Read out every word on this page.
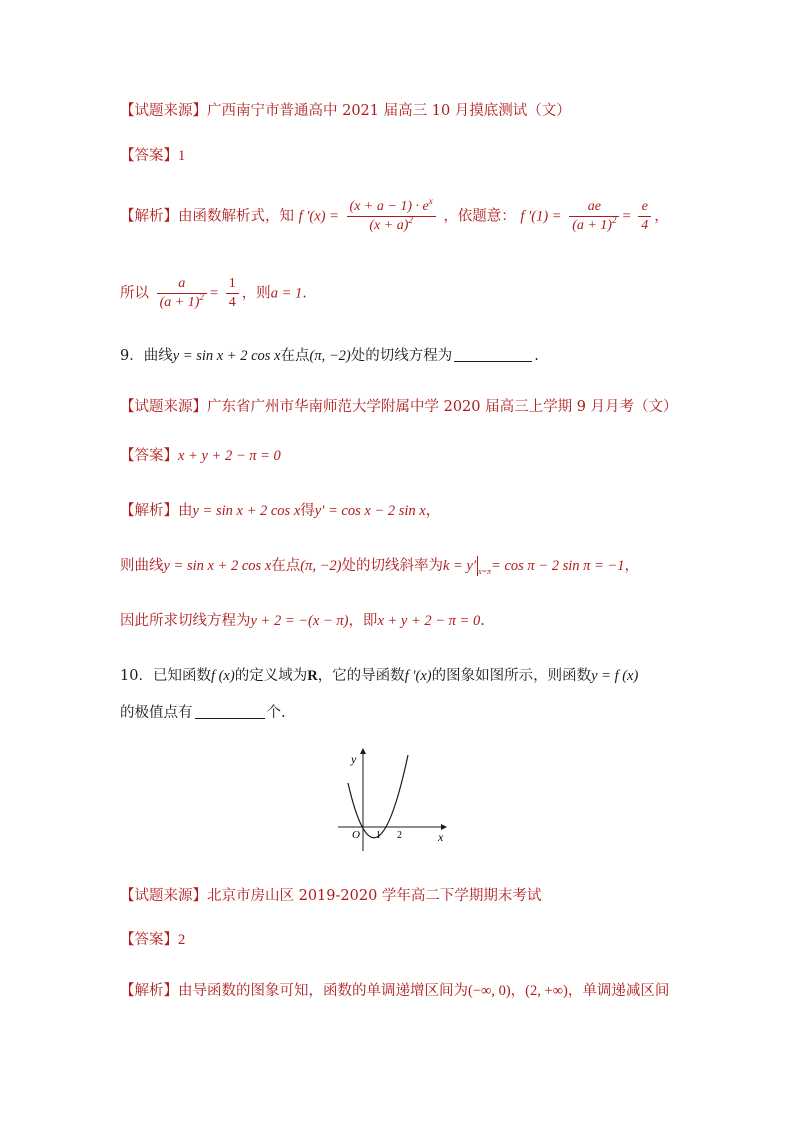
【试题来源】广西南宁市普通高中 2021 届高三 10 月摸底测试（文）
【答案】1
【解析】由函数解析式，知 f $'(x) = \frac{(x + a - 1) \cdot e^x}{(x + a)^2}$ ，依题意： f $'(1) = \frac{ae}{(a + 1)^2} = \frac{e}{4}$ ，
所以 $\frac{a}{(a + 1)^2} = \frac{1}{4}$ ，则a = 1.
9．曲线y = sin x + 2 cos x在点(π, −2)处的切线方程为	.
【试题来源】广东省广州市华南师范大学附属中学 2020 届高三上学期 9 月月考（文）
【答案】x + y + 2 − π = 0
【解析】由y = sin x + 2 cos x得y′ = cos x − 2 sin x，
则曲线y = sin x + 2 cos x在点(π, −2)处的切线斜率为k = y′ $_{x=\pi}$= cos π − 2 sin π = −1，
因此所求切线方程为y + 2 = −(x − π)，即x + y + 2 − π = 0.
10．已知函数f (x)的定义域为R，它的导函数f ′(x)的图象如图所示，则函数y = f (x)
的极值点有	个.
y
x
O 1 2
【试题来源】北京市房山区 2019-2020 学年高二下学期期末考试
【答案】2
【解析】由导函数的图象可知，函数的单调递增区间为(−∞, 0)，(2, +∞)，单调递减区间
